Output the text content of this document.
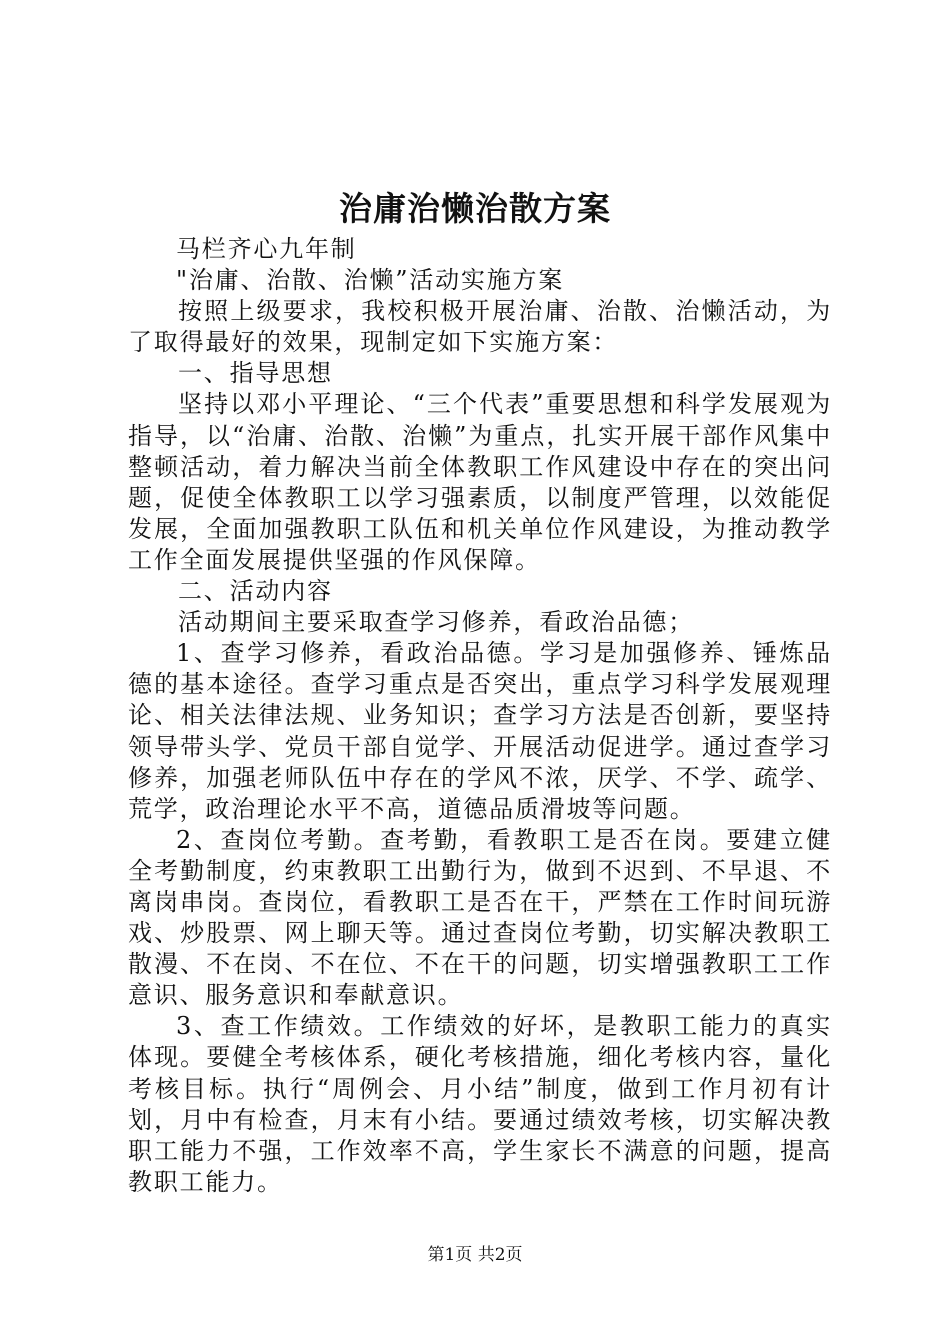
治庸治懒治散方案

马栏齐心九年制

"治庸、治散、治懒”活动实施方案

按照上级要求，我校积极开展治庸、治散、治懒活动，为了取得最好的效果，现制定如下实施方案：

一、指导思想

坚持以邓小平理论、“三个代表”重要思想和科学发展观为指导，以“治庸、治散、治懒”为重点，扎实开展干部作风集中整顿活动，着力解决当前全体教职工作风建设中存在的突出问题，促使全体教职工以学习强素质，以制度严管理，以效能促发展，全面加强教职工队伍和机关单位作风建设，为推动教学工作全面发展提供坚强的作风保障。

二、活动内容

活动期间主要采取查学习修养，看政治品德；

1、查学习修养，看政治品德。学习是加强修养、锤炼品德的基本途径。查学习重点是否突出，重点学习科学发展观理论、相关法律法规、业务知识；查学习方法是否创新，要坚持领导带头学、党员干部自觉学、开展活动促进学。通过查学习修养，加强老师队伍中存在的学风不浓，厌学、不学、疏学、荒学，政治理论水平不高，道德品质滑坡等问题。

2、查岗位考勤。查考勤，看教职工是否在岗。要建立健全考勤制度，约束教职工出勤行为，做到不迟到、不早退、不离岗串岗。查岗位，看教职工是否在干，严禁在工作时间玩游戏、炒股票、网上聊天等。通过查岗位考勤，切实解决教职工散漫、不在岗、不在位、不在干的问题，切实增强教职工工作意识、服务意识和奉献意识。

3、查工作绩效。工作绩效的好坏，是教职工能力的真实体现。要健全考核体系，硬化考核措施，细化考核内容，量化考核目标。执行“周例会、月小结”制度，做到工作月初有计划，月中有检查，月末有小结。要通过绩效考核，切实解决教职工能力不强，工作效率不高，学生家长不满意的问题，提高教职工能力。

第1页 共2页
